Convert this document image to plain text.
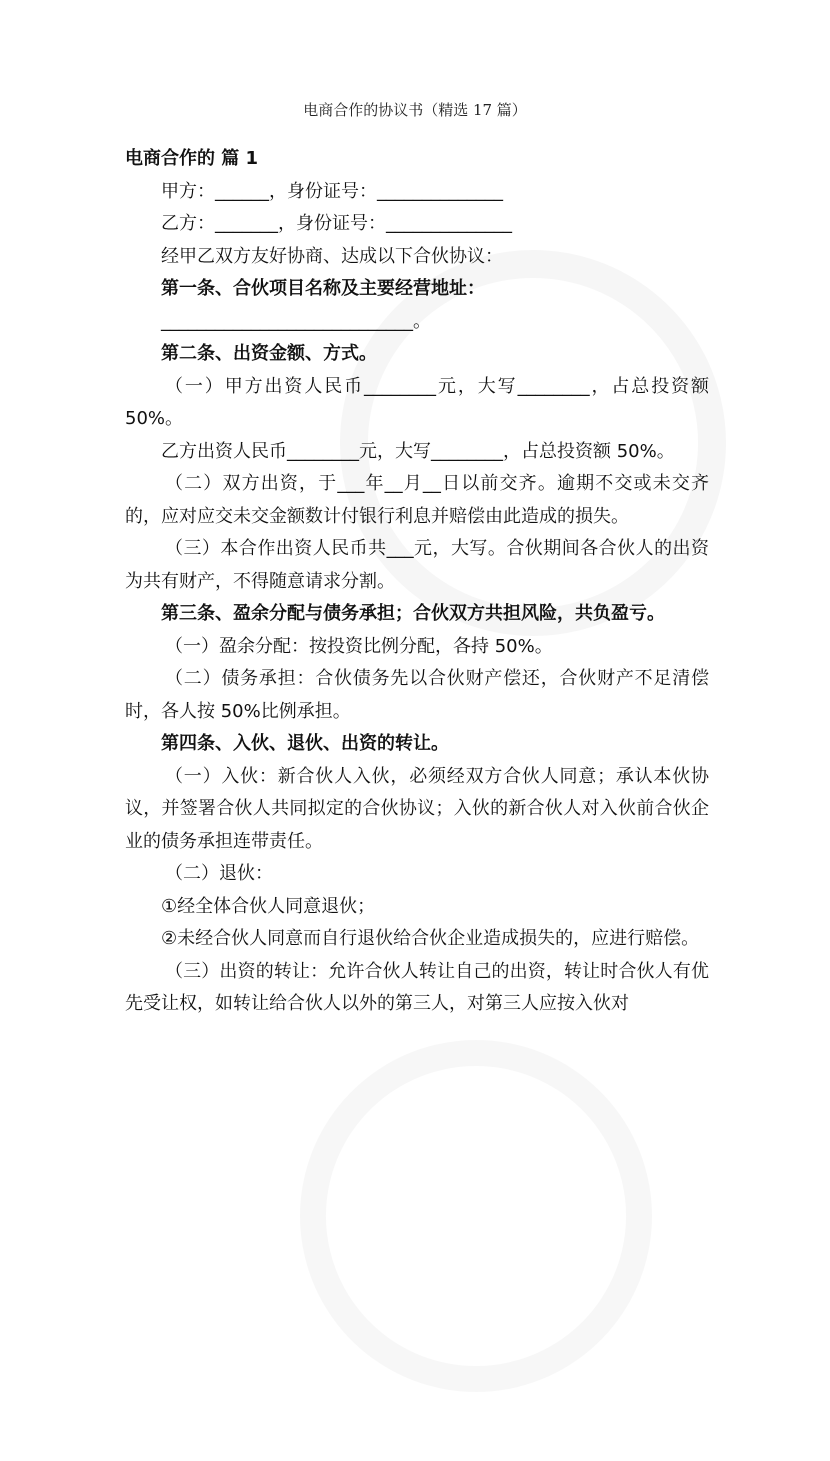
电商合作的协议书（精选 17 篇）

电商合作的 篇 1

甲方：______，身份证号：______________

乙方：_______，身份证号：______________

经甲乙双方友好协商、达成以下合伙协议：

第一条、合伙项目名称及主要经营地址：

____________________________。

第二条、出资金额、方式。

（一）甲方出资人民币________元，大写________，占总投资额 50%。

乙方出资人民币________元，大写________，占总投资额 50%。

（二）双方出资，于___年__月__日以前交齐。逾期不交或未交齐的，应对应交未交金额数计付银行利息并赔偿由此造成的损失。

（三）本合作出资人民币共___元，大写。合伙期间各合伙人的出资为共有财产，不得随意请求分割。

第三条、盈余分配与债务承担；合伙双方共担风险，共负盈亏。

（一）盈余分配：按投资比例分配，各持 50%。

（二）债务承担：合伙债务先以合伙财产偿还，合伙财产不足清偿时，各人按 50%比例承担。

第四条、入伙、退伙、出资的转让。

（一）入伙：新合伙人入伙，必须经双方合伙人同意；承认本伙协议，并签署合伙人共同拟定的合伙协议；入伙的新合伙人对入伙前合伙企业的债务承担连带责任。

（二）退伙：

①经全体合伙人同意退伙；

②未经合伙人同意而自行退伙给合伙企业造成损失的，应进行赔偿。

（三）出资的转让：允许合伙人转让自己的出资，转让时合伙人有优先受让权，如转让给合伙人以外的第三人，对第三人应按入伙对
